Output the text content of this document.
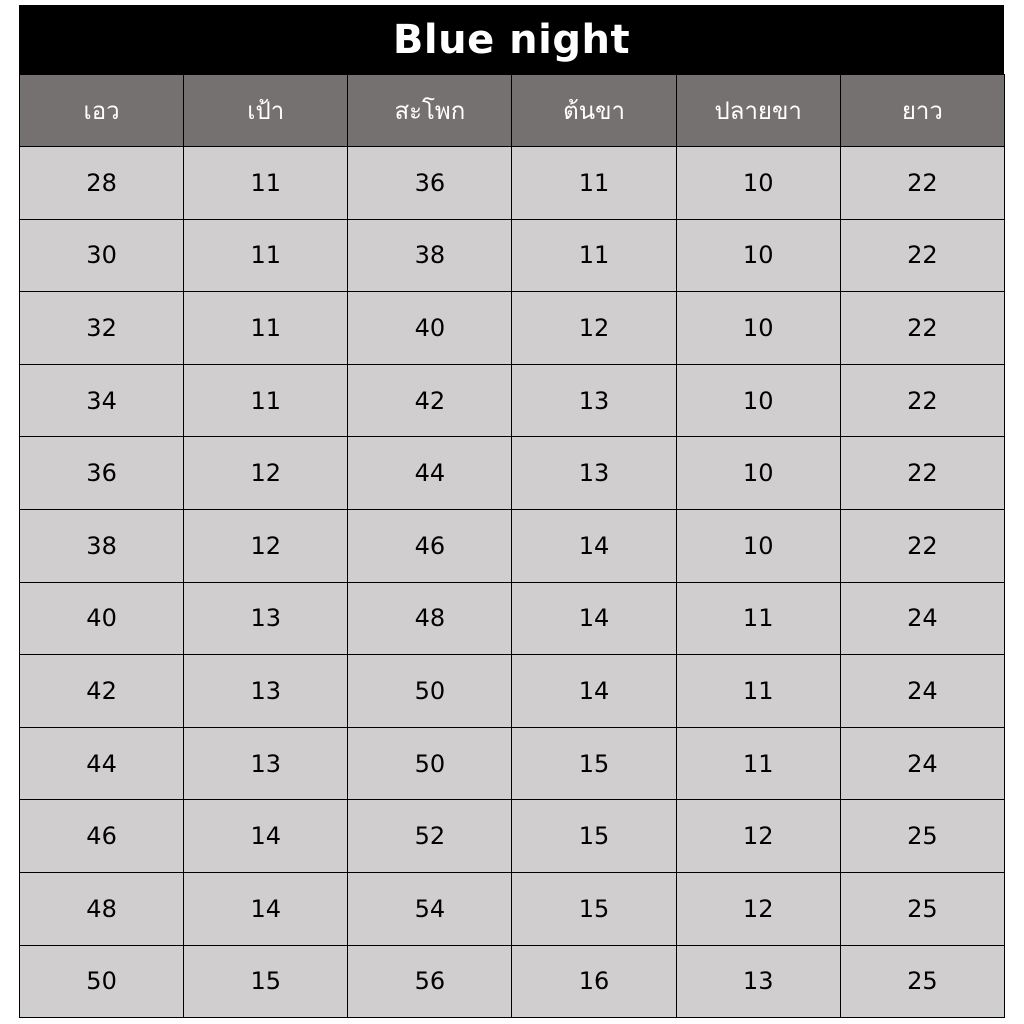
Blue night
เอว	เป้า	สะโพก	ต้นขา	ปลายขา	ยาว
28	11	36	11	10	22
30	11	38	11	10	22
32	11	40	12	10	22
34	11	42	13	10	22
36	12	44	13	10	22
38	12	46	14	10	22
40	13	48	14	11	24
42	13	50	14	11	24
44	13	50	15	11	24
46	14	52	15	12	25
48	14	54	15	12	25
50	15	56	16	13	25
